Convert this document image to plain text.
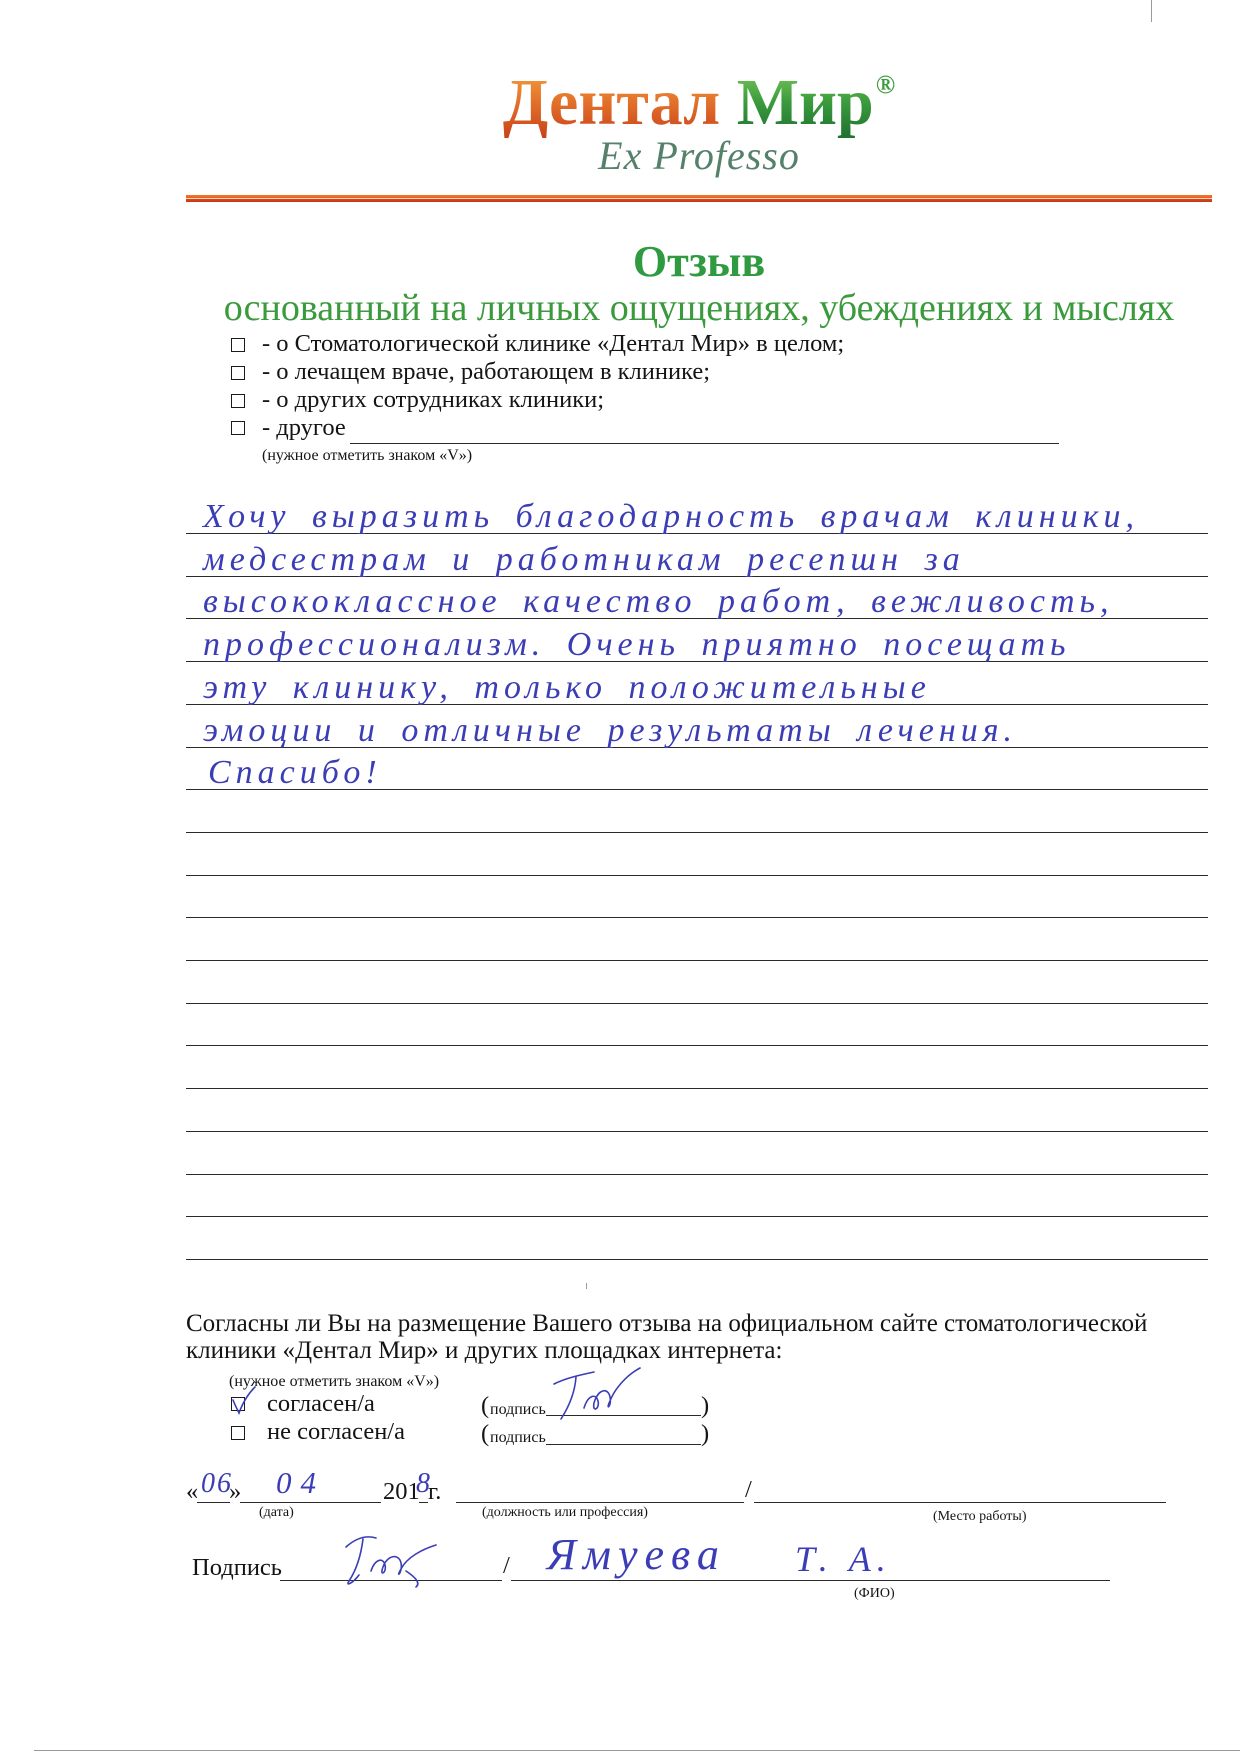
Дентал Мир®
Ex Professo
Отзыв
основанный на личных ощущениях, убеждениях и мыслях
- о Стоматологической клинике «Дентал Мир» в целом;
- о лечащем враче, работающем в клинике;
- о других сотрудниках клиники;
- другое
(нужное отметить знаком «V»)
Хочу выразить благодарность врачам клиники,
медсестрам и работникам ресепшн за
высококлассное качество работ, вежливость,
профессионализм. Очень приятно посещать
эту клинику, только положительные
эмоции и отличные результаты лечения.
Спасибо!
Согласны ли Вы на размещение Вашего отзыва на официальном сайте стоматологической
клиники «Дентал Мир» и других площадках интернета:
(нужное отметить знаком «V»)
согласен/а	( подпись	)
не согласен/а	( подпись	)
« 06
» 04 201
8
г.	/
(дата)	(должность или профессия)	(Место работы)
Подпись	/ Ямуева Т. А.
(ФИО)
